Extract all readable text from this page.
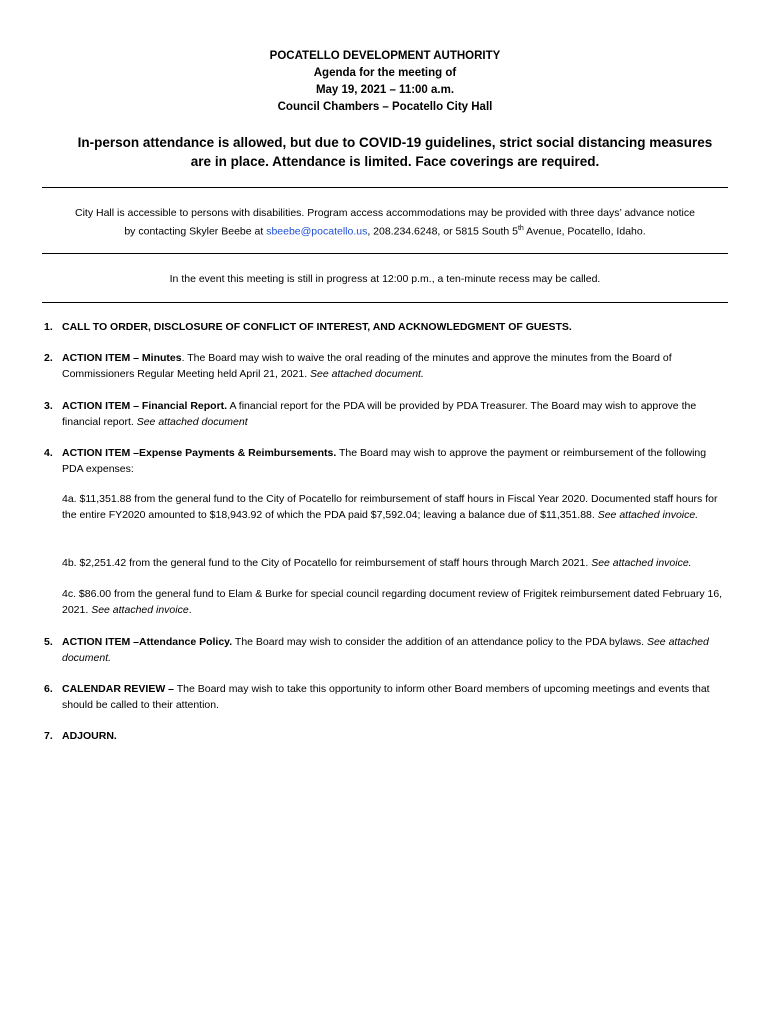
POCATELLO DEVELOPMENT AUTHORITY
Agenda for the meeting of
May 19, 2021 – 11:00 a.m.
Council Chambers – Pocatello City Hall
In-person attendance is allowed, but due to COVID-19 guidelines, strict social distancing measures
are in place. Attendance is limited. Face coverings are required.
City Hall is accessible to persons with disabilities. Program access accommodations may be provided with three days’ advance notice
by contacting Skyler Beebe at sbeebe@pocatello.us, 208.234.6248, or 5815 South 5th Avenue, Pocatello, Idaho.
In the event this meeting is still in progress at 12:00 p.m., a ten-minute recess may be called.
1. CALL TO ORDER, DISCLOSURE OF CONFLICT OF INTEREST, AND ACKNOWLEDGMENT OF GUESTS.
2. ACTION ITEM – Minutes. The Board may wish to waive the oral reading of the minutes and approve the minutes from the Board of Commissioners Regular Meeting held April 21, 2021. See attached document.
3. ACTION ITEM – Financial Report. A financial report for the PDA will be provided by PDA Treasurer. The Board may wish to approve the financial report. See attached document
4. ACTION ITEM –Expense Payments & Reimbursements. The Board may wish to approve the payment or reimbursement of the following PDA expenses:
4a. $11,351.88 from the general fund to the City of Pocatello for reimbursement of staff hours in Fiscal Year 2020. Documented staff hours for the entire FY2020 amounted to $18,943.92 of which the PDA paid $7,592.04; leaving a balance due of $11,351.88. See attached invoice.
4b. $2,251.42 from the general fund to the City of Pocatello for reimbursement of staff hours through March 2021. See attached invoice.
4c. $86.00 from the general fund to Elam & Burke for special council regarding document review of Frigitek reimbursement dated February 16, 2021. See attached invoice.
5. ACTION ITEM –Attendance Policy. The Board may wish to consider the addition of an attendance policy to the PDA bylaws. See attached document.
6. CALENDAR REVIEW – The Board may wish to take this opportunity to inform other Board members of upcoming meetings and events that should be called to their attention.
7. ADJOURN.
